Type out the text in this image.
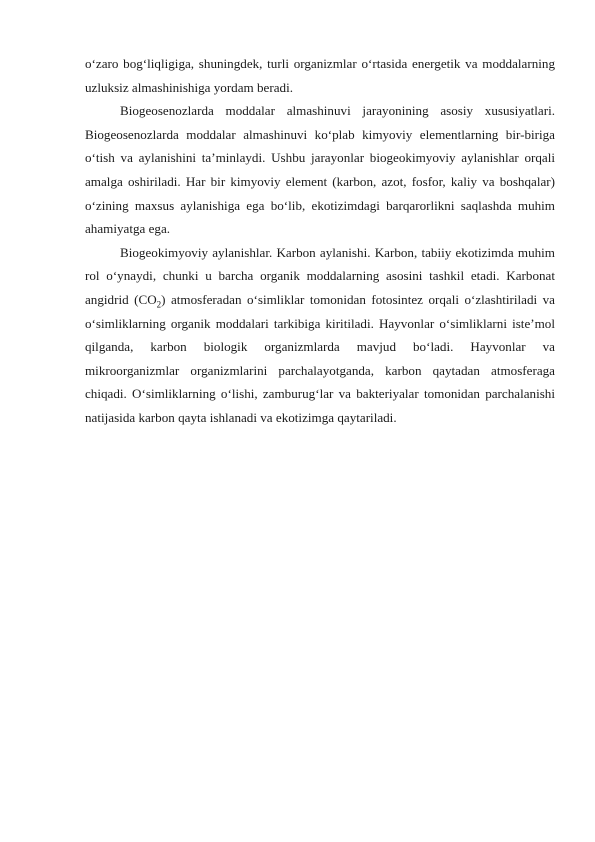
o‘zaro bog‘liqligiga, shuningdek, turli organizmlar o‘rtasida energetik va moddalarning uzluksiz almashinishiga yordam beradi.

Biogeosenozlarda moddalar almashinuvi jarayonining asosiy xususiyatlari. Biogeosenozlarda moddalar almashinuvi ko‘plab kimyoviy elementlarning bir-biriga o‘tish va aylanishini ta’minlaydi. Ushbu jarayonlar biogeokimyoviy aylanishlar orqali amalga oshiriladi. Har bir kimyoviy element (karbon, azot, fosfor, kaliy va boshqalar) o‘zining maxsus aylanishiga ega bo‘lib, ekotizimdagi barqarorlikni saqlashda muhim ahamiyatga ega.

Biogeokimyoviy aylanishlar. Karbon aylanishi. Karbon, tabiiy ekotizimda muhim rol o‘ynaydi, chunki u barcha organik moddalarning asosini tashkil etadi. Karbonat angidrid $(CO_2)$ atmosferadan o‘simliklar tomonidan fotosintez orqali o‘zlashtiriladi va o‘simliklarning organik moddalari tarkibiga kiritiladi. Hayvonlar o‘simliklarni iste’mol qilganda, karbon biologik organizmlarda mavjud bo‘ladi. Hayvonlar va mikroorganizmlar organizmlarini parchalayotganda, karbon qaytadan atmosferaga chiqadi. O‘simliklarning o‘lishi, zamburug‘lar va bakteriyalar tomonidan parchalanishi natijasida karbon qayta ishlanadi va ekotizimga qaytariladi.
